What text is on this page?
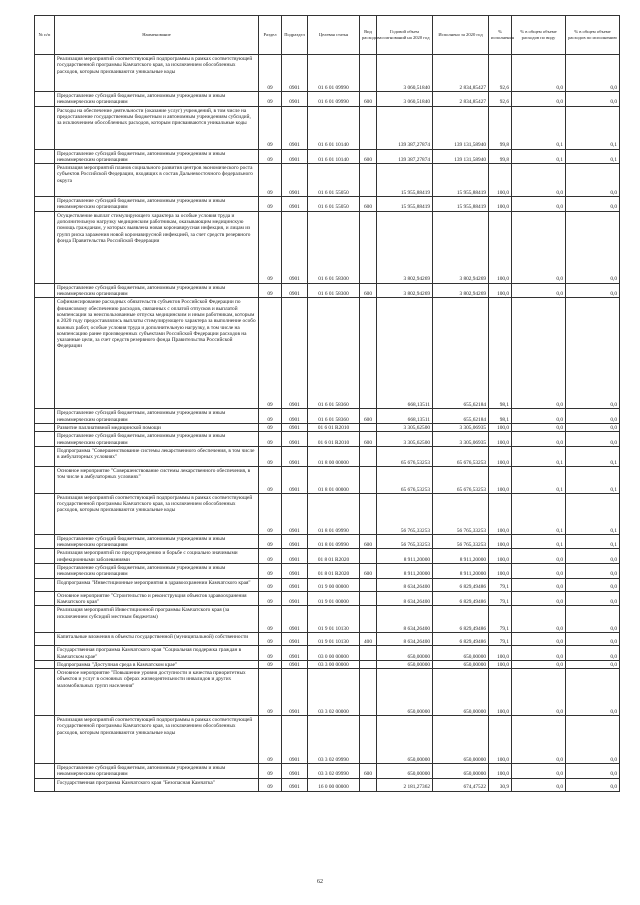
№ п/п	Наименование	Раздел	Подраздел	Целевая статья	Вид расходов	Годовой объем ассигнований на 2020 год	Исполнено за 2020 год	% исполнения	% в общем объеме расходов по виду	% в общем объеме расходов по исполнению
	Реализация мероприятий соответствующей подпрограммы в рамках соответствующей государственной программы Камчатского края, за исключением обособленных расходов, которым присваиваются уникальные коды	09	0901	01 6 01 09990		3 060,51840	2 834,85427	92,6	0,0	0,0
	Предоставление субсидий бюджетным, автономным учреждениям и иным некоммерческим организациям	09	0901	01 6 01 09990	600	3 060,51840	2 834,85427	92,6	0,0	0,0
	Расходы на обеспечение деятельности (оказание услуг) учреждений, в том числе на предоставление государственным бюджетным и автономным учреждениям субсидий, за исключением обособленных расходов, которым присваиваются уникальные коды	09	0901	01 6 01 10140		139 387,27874	139 131,58940	99,8	0,1	0,1
	Предоставление субсидий бюджетным, автономным учреждениям и иным некоммерческим организациям	09	0901	01 6 01 10140	600	139 387,27874	139 131,58940	99,8	0,1	0,1
	Реализация мероприятий планов социального развития центров экономического роста субъектов Российской Федерации, входящих в состав Дальневосточного федерального округа	09	0901	01 6 01 55050		15 955,88419	15 955,88419	100,0	0,0	0,0
	Предоставление субсидий бюджетным, автономным учреждениям и иным некоммерческим организациям	09	0901	01 6 01 55050	600	15 955,88419	15 955,88419	100,0	0,0	0,0
	Осуществление выплат стимулирующего характера за особые условия труда и дополнительную нагрузку медицинским работникам, оказывающим медицинскую помощь гражданам, у которых выявлена новая коронавирусная инфекция, и лицам из групп риска заражения новой коронавирусной инфекцией, за счет средств резервного фонда Правительства Российской Федерации	09	0901	01 6 01 58300		3 802,94269	3 802,94269	100,0	0,0	0,0
	Предоставление субсидий бюджетным, автономным учреждениям и иным некоммерческим организациям	09	0901	01 6 01 58300	600	3 802,94269	3 802,94269	100,0	0,0	0,0
	Софинансирование расходных обязательств субъектов Российской Федерации по финансовому обеспечению расходов, связанных с оплатой отпусков и выплатой компенсации за неиспользованные отпуска медицинским и иным работникам, которым в 2020 году предоставлялись выплаты стимулирующего характера за выполнение особо важных работ, особые условия труда и дополнительную нагрузку, в том числе на компенсацию ранее произведенных субъектами Российской Федерации расходов на указанные цели, за счет средств резервного фонда Правительства Российской Федерации	09	0901	01 6 01 58360		668,13511	655,62184	98,1	0,0	0,0
	Предоставление субсидий бюджетным, автономным учреждениям и иным некоммерческим организациям	09	0901	01 6 01 58360	600	668,13511	655,62184	98,1	0,0	0,0
	Развитие паллиативной медицинской помощи	09	0901	01 6 01 R2010		3 305,62500	3 305,06935	100,0	0,0	0,0
	Предоставление субсидий бюджетным, автономным учреждениям и иным некоммерческим организациям	09	0901	01 6 01 R2010	600	3 305,62500	3 305,06935	100,0	0,0	0,0
	Подпрограмма "Совершенствование системы лекарственного обеспечения, в том числе в амбулаторных условиях"	09	0901	01 8 00 00000		65 676,53253	65 676,53253	100,0	0,1	0,1
	Основное мероприятие "Совершенствование системы лекарственного обеспечения, в том числе в амбулаторных условиях"	09	0901	01 8 01 00000		65 676,53253	65 676,53253	100,0	0,1	0,1
	Реализация мероприятий соответствующей подпрограммы в рамках соответствующей государственной программы Камчатского края, за исключением обособленных расходов, которым присваиваются уникальные коды	09	0901	01 8 01 09990		56 765,33253	56 765,33253	100,0	0,1	0,1
	Предоставление субсидий бюджетным, автономным учреждениям и иным некоммерческим организациям	09	0901	01 8 01 09990	600	56 765,33253	56 765,33253	100,0	0,1	0,1
	Реализация мероприятий по предупреждению и борьбе с социально значимыми инфекционными заболеваниями	09	0901	01 8 01 R2020		8 911,20000	8 911,20000	100,0	0,0	0,0
	Предоставление субсидий бюджетным, автономным учреждениям и иным некоммерческим организациям	09	0901	01 8 01 R2020	600	8 911,20000	8 911,20000	100,0	0,0	0,0
	Подпрограмма "Инвестиционные мероприятия в здравоохранении Камчатского края"	09	0901	01 9 00 00000		8 634,26400	6 829,49486	79,1	0,0	0,0
	Основное мероприятие "Строительство и реконструкция объектов здравоохранения Камчатского края"	09	0901	01 9 01 00000		8 634,26400	6 829,49486	79,1	0,0	0,0
	Реализация мероприятий Инвестиционной программы Камчатского края (за исключением субсидий местным бюджетам)	09	0901	01 9 01 10130		8 634,26400	6 829,49486	79,1	0,0	0,0
	Капитальные вложения в объекты государственной (муниципальной) собственности	09	0901	01 9 01 10130	400	8 634,26400	6 829,49486	79,1	0,0	0,0
	Государственная программа Камчатского края "Социальная поддержка граждан в Камчатском крае"	09	0901	03 0 00 00000		650,00000	650,00000	100,0	0,0	0,0
	Подпрограмма "Доступная среда в Камчатском крае"	09	0901	03 3 00 00000		650,00000	650,00000	100,0	0,0	0,0
	Основное мероприятие "Повышение уровня доступности и качества приоритетных объектов и услуг в основных сферах жизнедеятельности инвалидов и других маломобильных групп населения"	09	0901	03 3 02 00000		650,00000	650,00000	100,0	0,0	0,0
	Реализация мероприятий соответствующей подпрограммы в рамках соответствующей государственной программы Камчатского края, за исключением обособленных расходов, которым присваиваются уникальные коды	09	0901	03 3 02 09990		650,00000	650,00000	100,0	0,0	0,0
	Предоставление субсидий бюджетным, автономным учреждениям и иным некоммерческим организациям	09	0901	03 3 02 09990	600	650,00000	650,00000	100,0	0,0	0,0
	Государственная программа Камчатского края "Безопасная Камчатка"	09	0901	16 0 00 00000		2 181,27362	674,47522	30,9	0,0	0,0
62
